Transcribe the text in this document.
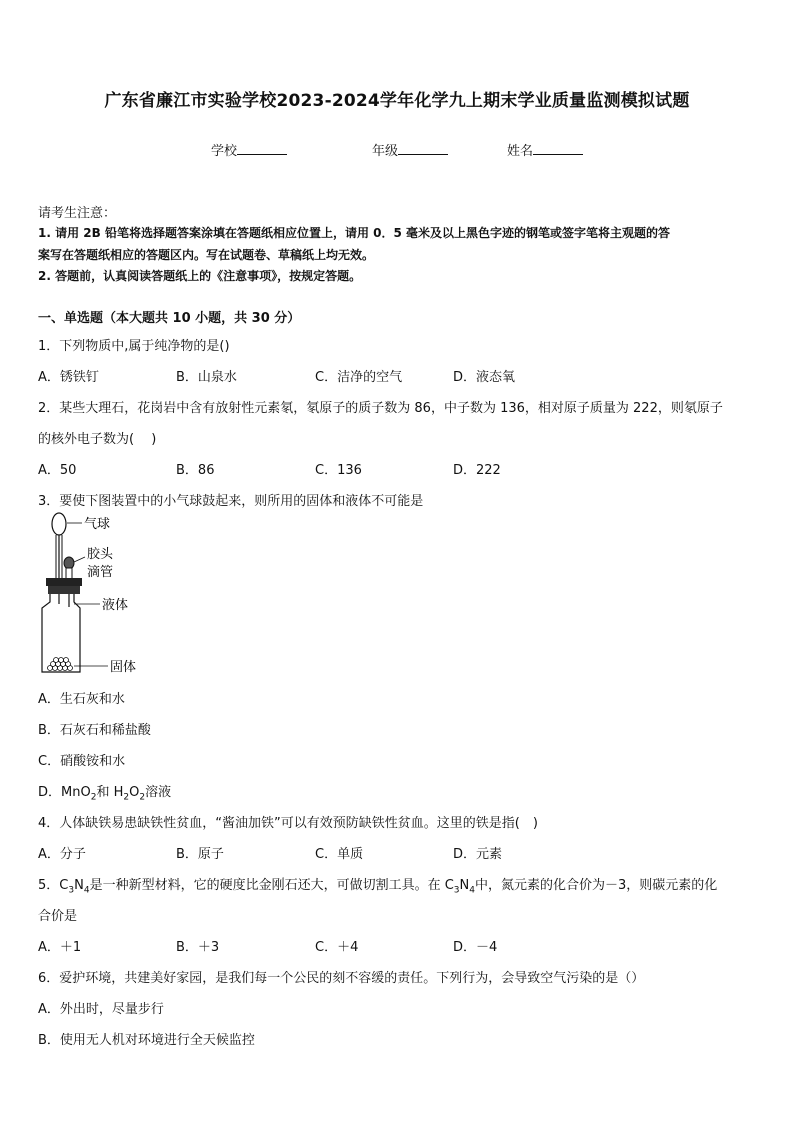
广东省廉江市实验学校2023-2024学年化学九上期末学业质量监测模拟试题
学校	年级	姓名
请考生注意：
1. 请用 2B 铅笔将选择题答案涂填在答题纸相应位置上，请用 0．5 毫米及以上黑色字迹的钢笔或签字笔将主观题的答
案写在答题纸相应的答题区内。写在试题卷、草稿纸上均无效。
2. 答题前，认真阅读答题纸上的《注意事项》，按规定答题。
一、单选题（本大题共 10 小题，共 30 分）
1．下列物质中,属于纯净物的是()
A．锈铁钉	B．山泉水	C．洁净的空气	D．液态氧
2．某些大理石，花岗岩中含有放射性元素氡，氡原子的质子数为 86，中子数为 136，相对原子质量为 222，则氡原子
的核外电子数为(　 )
A．50	B．86	C．136	D．222
3．要使下图装置中的小气球鼓起来，则所用的固体和液体不可能是
气球
胶头
滴管
液体
固体
A．生石灰和水
B．石灰石和稀盐酸
C．硝酸铵和水
D．MnO$_2$和 $H_2O_2$溶液
4．人体缺铁易患缺铁性贫血，“酱油加铁”可以有效预防缺铁性贫血。这里的铁是指(　)
A．分子	B．原子	C．单质	D．元素
5．$C_3N_4$是一种新型材料，它的硬度比金刚石还大，可做切割工具。在 $C_3N_4$中，氮元素的化合价为－3，则碳元素的化
合价是
A．＋1	B．＋3	C．＋4	D．－4
6．爱护环境，共建美好家园，是我们每一个公民的刻不容缓的责任。下列行为，会导致空气污染的是（）
A．外出时，尽量步行
B．使用无人机对环境进行全天候监控
